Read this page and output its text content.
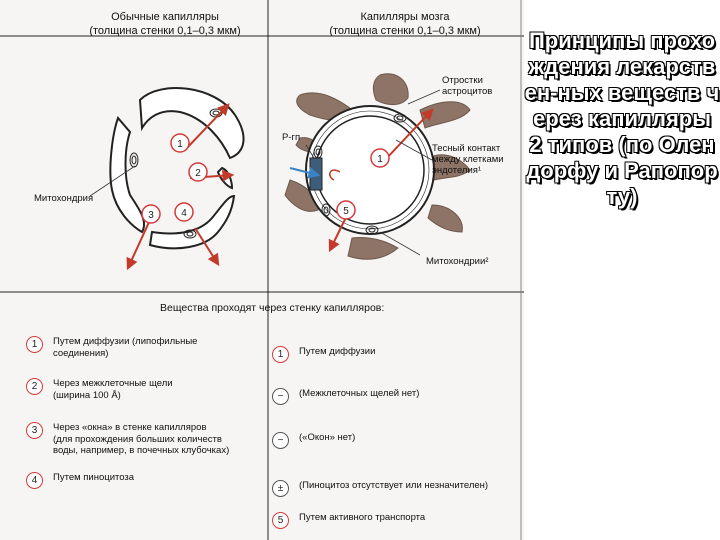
Обычные капилляры
(толщина стенки 0,1–0,3 мкм)
Капилляры мозга
(толщина стенки 0,1–0,3 мкм)
1
2
3	4
1
5
Митохондрия
Отростки
астроцитов
Р-гп
Тесный контакт
между клетками
эндотелия¹
Митохондрии²
Вещества проходят через стенку капилляров:
1	Путем диффузии (липофильные
соединения)
2	Через межклеточные щели
(ширина 100 Å)
3	Через «окна» в стенке капилляров
(для прохождения больших количеств
воды, например, в почечных клубочках)
4	Путем пиноцитоза
1	Путем диффузии
−	(Межклеточных щелей нет)
−	(«Окон» нет)
±	(Пиноцитоз отсутствует или незначителен)
5	Путем активного транспорта
Принципы прохождения лекарствен-ных веществ через капилляры 2 типов (по Олендорфу и Рапопорту)
